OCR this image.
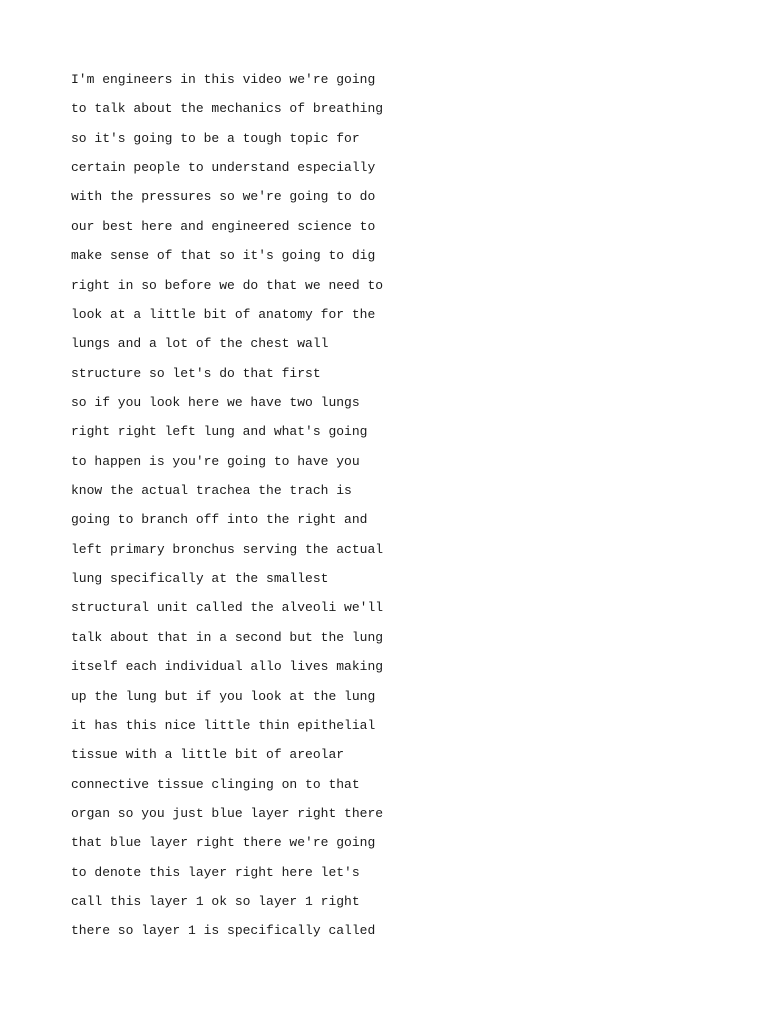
I'm engineers in this video we're going
to talk about the mechanics of breathing
so it's going to be a tough topic for
certain people to understand especially
with the pressures so we're going to do
our best here and engineered science to
make sense of that so it's going to dig
right in so before we do that we need to
look at a little bit of anatomy for the
lungs and a lot of the chest wall
structure so let's do that first
so if you look here we have two lungs
right right left lung and what's going
to happen is you're going to have you
know the actual trachea the trach is
going to branch off into the right and
left primary bronchus serving the actual
lung specifically at the smallest
structural unit called the alveoli we'll
talk about that in a second but the lung
itself each individual allo lives making
up the lung but if you look at the lung
it has this nice little thin epithelial
tissue with a little bit of areolar
connective tissue clinging on to that
organ so you just blue layer right there
that blue layer right there we're going
to denote this layer right here let's
call this layer 1 ok so layer 1 right
there so layer 1 is specifically called
